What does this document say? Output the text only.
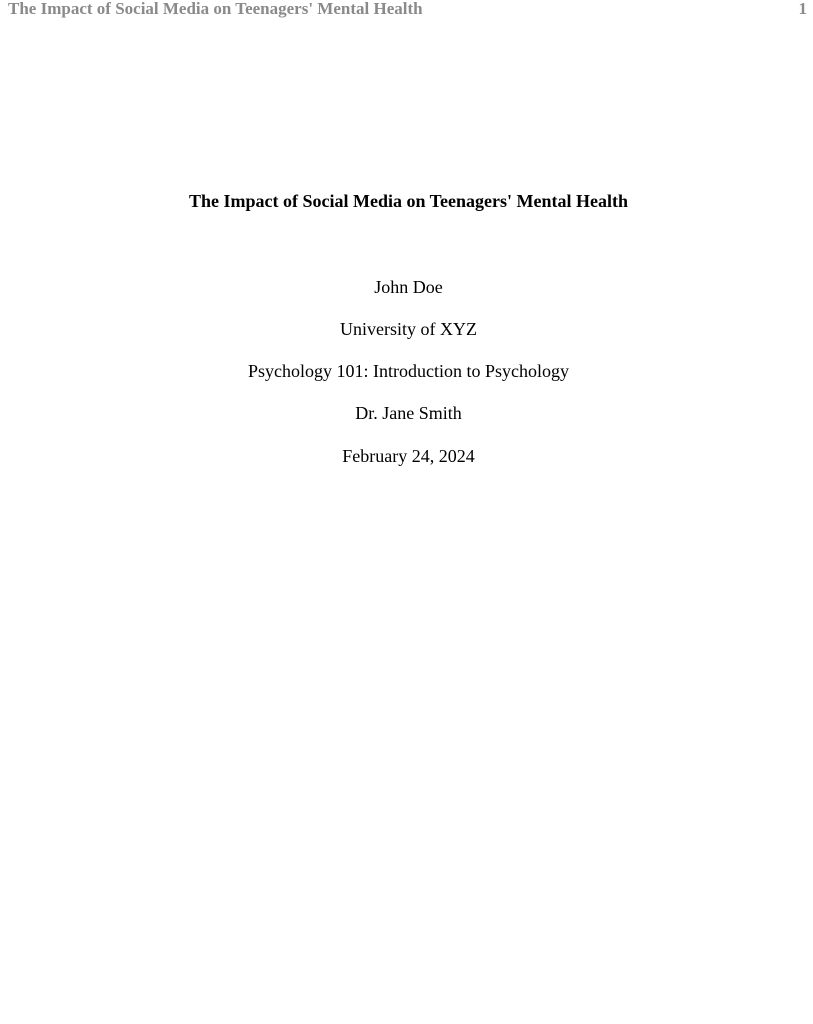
The Impact of Social Media on Teenagers' Mental Health	1
The Impact of Social Media on Teenagers' Mental Health
John Doe
University of XYZ
Psychology 101: Introduction to Psychology
Dr. Jane Smith
February 24, 2024
